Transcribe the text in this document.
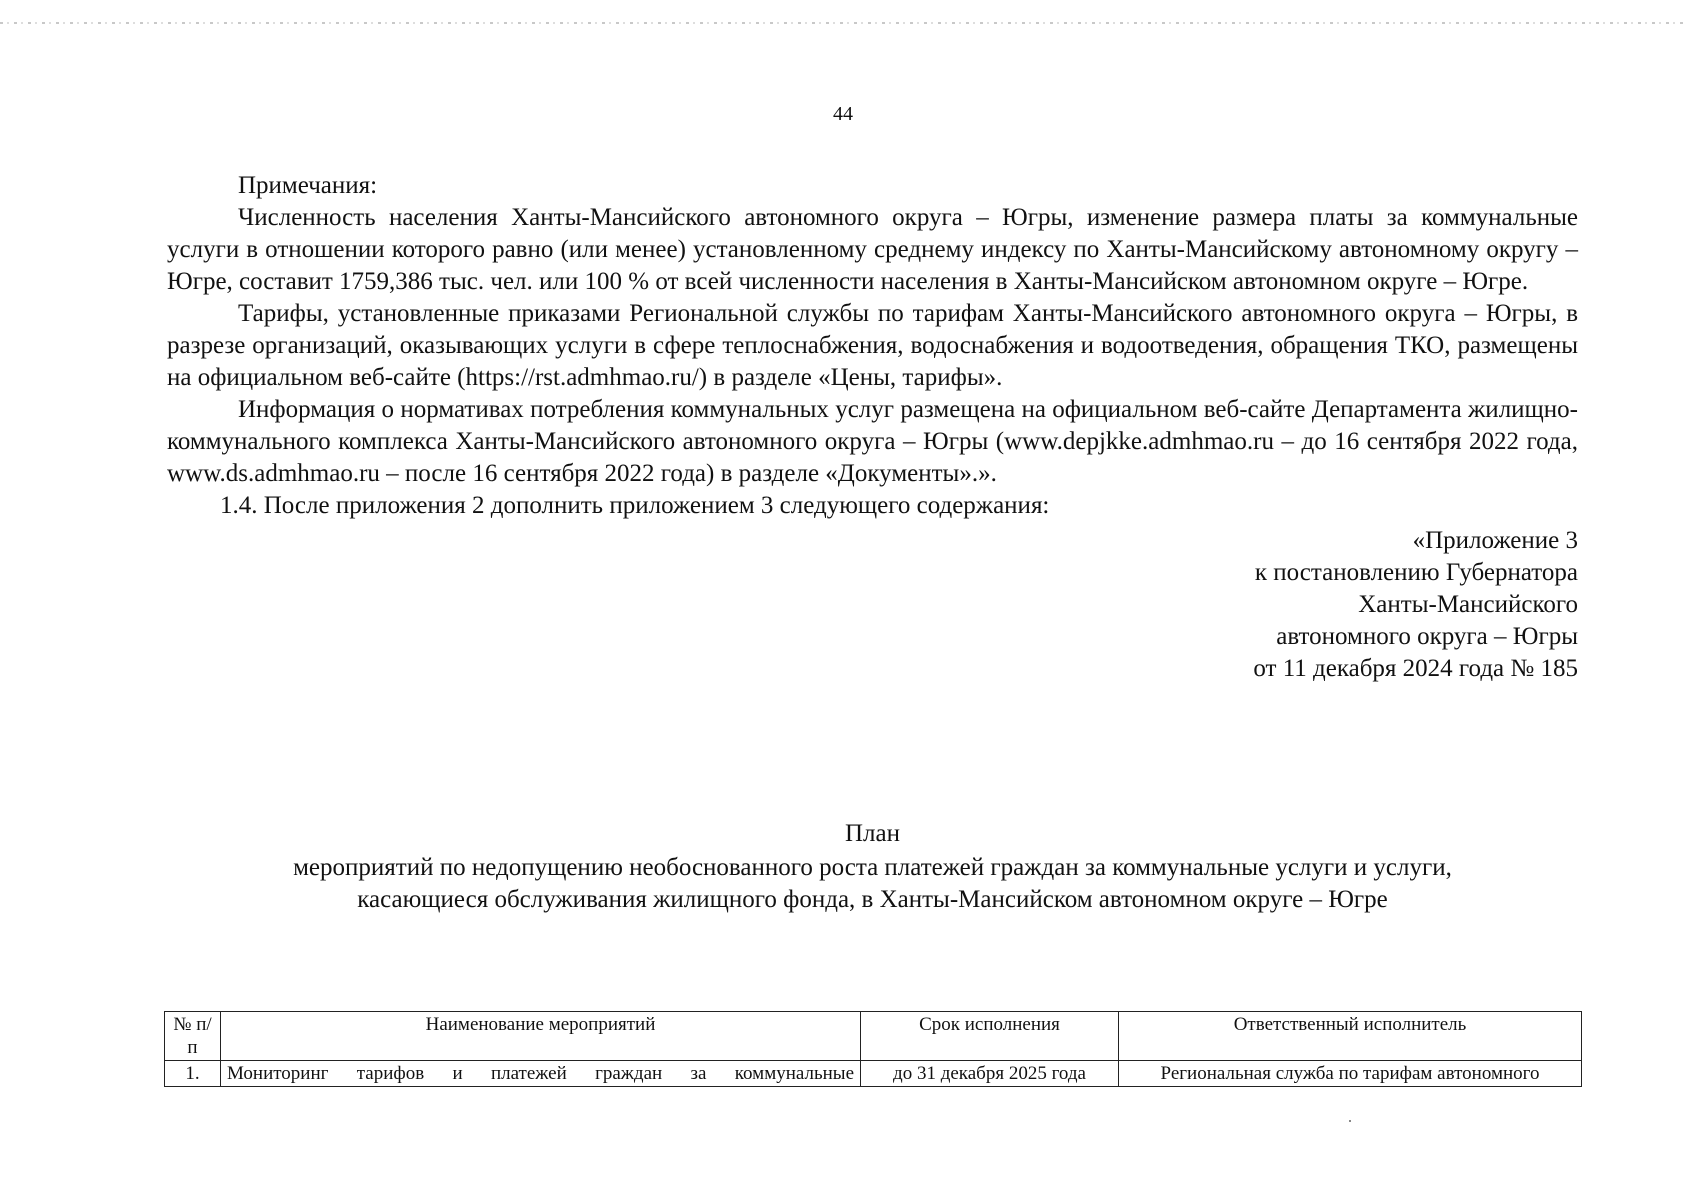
44

Примечания:

Численность населения Ханты-Мансийского автономного округа – Югры, изменение размера платы за коммунальные услуги в отношении которого равно (или менее) установленному среднему индексу по Ханты-Мансийскому автономному округу – Югре, составит 1759,386 тыс. чел. или 100 % от всей численности населения в Ханты-Мансийском автономном округе – Югре.

Тарифы, установленные приказами Региональной службы по тарифам Ханты-Мансийского автономного округа – Югры, в разрезе организаций, оказывающих услуги в сфере теплоснабжения, водоснабжения и водоотведения, обращения ТКО, размещены на официальном веб-сайте (https://rst.admhmao.ru/) в разделе «Цены, тарифы».

Информация о нормативах потребления коммунальных услуг размещена на официальном веб-сайте Департамента жилищно-коммунального комплекса Ханты-Мансийского автономного округа – Югры (www.depjkke.admhmao.ru – до 16 сентября 2022 года, www.ds.admhmao.ru – после 16 сентября 2022 года) в разделе «Документы».».

1.4. После приложения 2 дополнить приложением 3 следующего содержания:

«Приложение 3
к постановлению Губернатора
Ханты-Мансийского
автономного округа – Югры
от 11 декабря 2024 года № 185
План
мероприятий по недопущению необоснованного роста платежей граждан за коммунальные услуги и услуги,
касающиеся обслуживания жилищного фонда, в Ханты-Мансийском автономном округе – Югре
№ п/п	Наименование мероприятий	Срок исполнения	Ответственный исполнитель
1.	Мониторинг тарифов и платежей граждан за коммунальные	до 31 декабря 2025 года	Региональная служба по тарифам автономного
